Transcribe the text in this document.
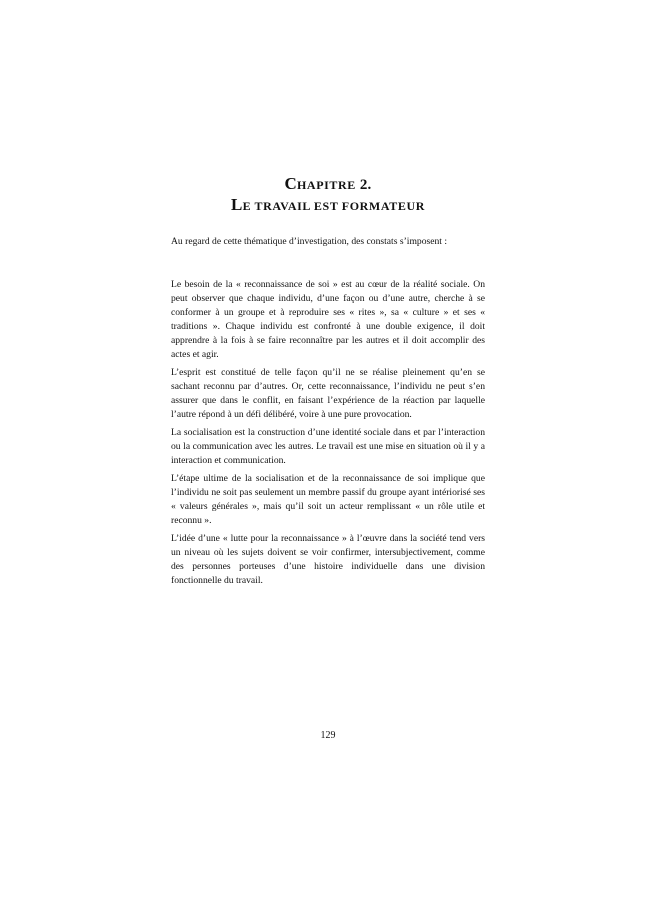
CHAPITRE 2.
LE TRAVAIL EST FORMATEUR

Au regard de cette thématique d’investigation, des constats s’imposent :

Le besoin de la « reconnaissance de soi » est au cœur de la réalité sociale. On peut observer que chaque individu, d’une façon ou d’une autre, cherche à se conformer à un groupe et à reproduire ses « rites », sa « culture » et ses « traditions ». Chaque individu est confronté à une double exigence, il doit apprendre à la fois à se faire reconnaître par les autres et il doit accomplir des actes et agir.

L’esprit est constitué de telle façon qu’il ne se réalise pleinement qu’en se sachant reconnu par d’autres. Or, cette reconnaissance, l’individu ne peut s’en assurer que dans le conflit, en faisant l’expérience de la réaction par laquelle l’autre répond à un défi délibéré, voire à une pure provocation.

La socialisation est la construction d’une identité sociale dans et par l’interaction ou la communication avec les autres. Le travail est une mise en situation où il y a interaction et communication.

L’étape ultime de la socialisation et de la reconnaissance de soi implique que l’individu ne soit pas seulement un membre passif du groupe ayant intériorisé ses « valeurs générales », mais qu’il soit un acteur remplissant « un rôle utile et reconnu ».

L’idée d’une « lutte pour la reconnaissance » à l’œuvre dans la société tend vers un niveau où les sujets doivent se voir confirmer, intersubjectivement, comme des personnes porteuses d’une histoire individuelle dans une division fonctionnelle du travail.

129
